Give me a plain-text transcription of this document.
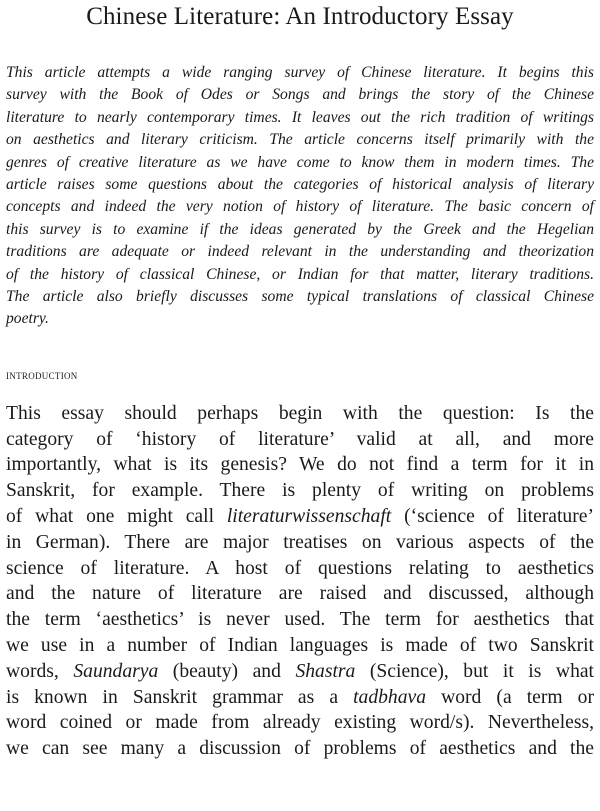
Chinese Literature: An Introductory Essay
This article attempts a wide ranging survey of Chinese literature. It begins this
survey with the Book of Odes or Songs and brings the story of the Chinese
literature to nearly contemporary times. It leaves out the rich tradition of writings
on aesthetics and literary criticism. The article concerns itself primarily with the
genres of creative literature as we have come to know them in modern times. The
article raises some questions about the categories of historical analysis of literary
concepts and indeed the very notion of history of literature. The basic concern of
this survey is to examine if the ideas generated by the Greek and the Hegelian
traditions are adequate or indeed relevant in the understanding and theorization
of the history of classical Chinese, or Indian for that matter, literary traditions.
The article also briefly discusses some typical translations of classical Chinese
poetry.
introduction
This essay should perhaps begin with the question: Is the
category of ‘history of literature’ valid at all, and more
importantly, what is its genesis? We do not find a term for it in
Sanskrit, for example. There is plenty of writing on problems
of what one might call literaturwissenschaft (‘science of literature’
in German). There are major treatises on various aspects of the
science of literature. A host of questions relating to aesthetics
and the nature of literature are raised and discussed, although
the term ‘aesthetics’ is never used. The term for aesthetics that
we use in a number of Indian languages is made of two Sanskrit
words, Saundarya (beauty) and Shastra (Science), but it is what
is known in Sanskrit grammar as a tadbhava word (a term or
word coined or made from already existing word/s). Nevertheless,
we can see many a discussion of problems of aesthetics and the
